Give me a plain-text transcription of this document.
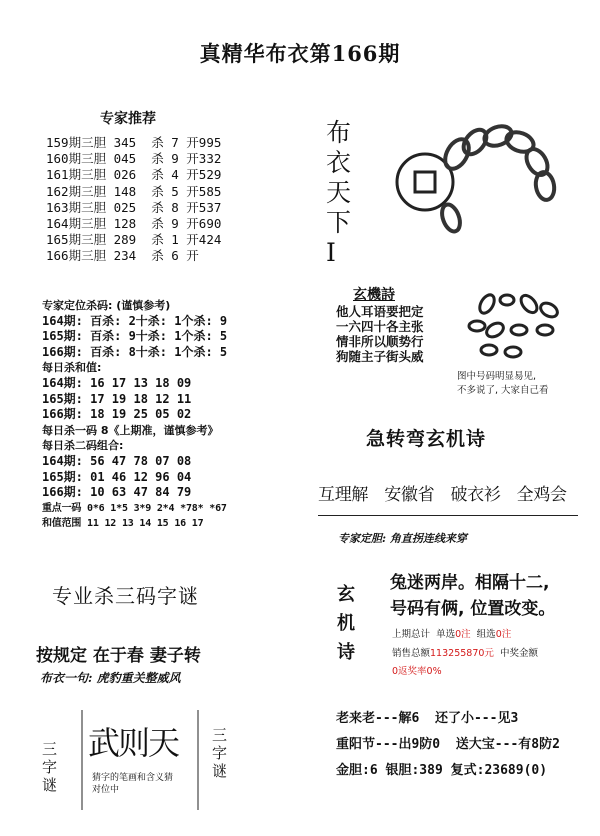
真精华布衣第166期
专家推荐
159期三胆 345  杀 7 开995
160期三胆 045  杀 9 开332
161期三胆 026  杀 4 开529
162期三胆 148  杀 5 开585
163期三胆 025  杀 8 开537
164期三胆 128  杀 9 开690
165期三胆 289  杀 1 开424
166期三胆 234  杀 6 开
专家定位杀码: (谨慎参考)
164期: 百杀: 2十杀: 1个杀: 9
165期: 百杀: 9十杀: 1个杀: 5
166期: 百杀: 8十杀: 1个杀: 5
每日杀和值:
164期: 16 17 13 18 09
165期: 17 19 18 12 11
166期: 18 19 25 05 02
每日杀一码 8《上期准，谨慎参考》
每日杀二码组合:
164期: 56 47 78 07 08
165期: 01 46 12 96 04
166期: 10 63 47 84 79
重点一码 0*6 1*5 3*9 2*4 *78* *67
和值范围 11 12 13 14 15 16 17
专业杀三码字谜
按规定 在于春 妻子转
布衣一句: 虎豹重关整威风
三字谜
三字谜
武则天
猜字的笔画和含义猜
对位中
布衣天下Ⅰ
玄機詩
他人耳语要把定
一六四十各主张
情非所以顺势行
狗随主子街头威
图中号码明显易见,
不多说了, 大家自己看
急转弯玄机诗
互理解 安徽省 破衣衫 全鸡会
专家定胆: 角直拐连线来穿
玄机诗
兔迷两岸。相隔十二,
号码有俩, 位置改变。
上期总计 单选0注 组选0注
销售总额113255870元 中奖金额
0返奖率0%
老来老---解6  还了小---见3
重阳节---出9防0  送大宝---有8防2
金胆:6 银胆:389 复式:23689(0)
